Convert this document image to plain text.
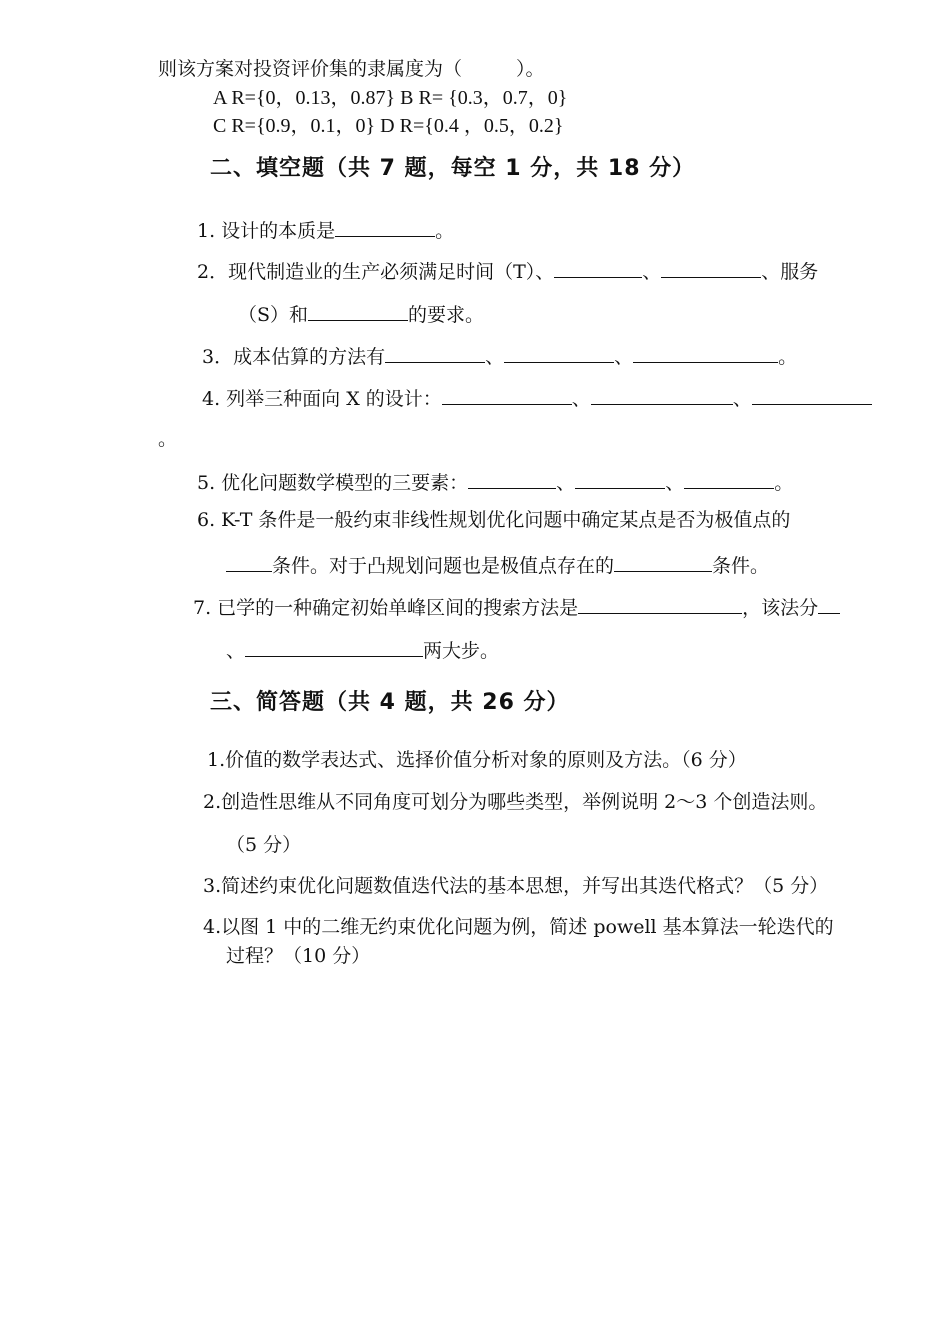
则该方案对投资评价集的隶属度为（	）。
A R={0，0.13，0.87} B R= {0.3，0.7，0}
C R={0.9，0.1，0} D R={0.4 ，0.5，0.2}
二、填空题（共 7 题，每空 1 分，共 18 分）
1. 设计的本质是	。
2．现代制造业的生产必须满足时间（T）、	、	、服务
（S）和	的要求。
3．成本估算的方法有	、	、	。
4. 列举三种面向 X 的设计：	、	、
。
5. 优化问题数学模型的三要素：	、	、	。
6. K-T 条件是一般约束非线性规划优化问题中确定某点是否为极值点的
条件。对于凸规划问题也是极值点存在的	条件。
7. 已学的一种确定初始单峰区间的搜索方法是	，该法分
、	两大步。
三、简答题（共 4 题，共 26 分）
1.价值的数学表达式、选择价值分析对象的原则及方法。（6 分）
2.创造性思维从不同角度可划分为哪些类型，举例说明 2～3 个创造法则。
（5 分）
3.简述约束优化问题数值迭代法的基本思想，并写出其迭代格式？（5 分）
4.以图 1 中的二维无约束优化问题为例，简述 powell 基本算法一轮迭代的
过程？（10 分）
